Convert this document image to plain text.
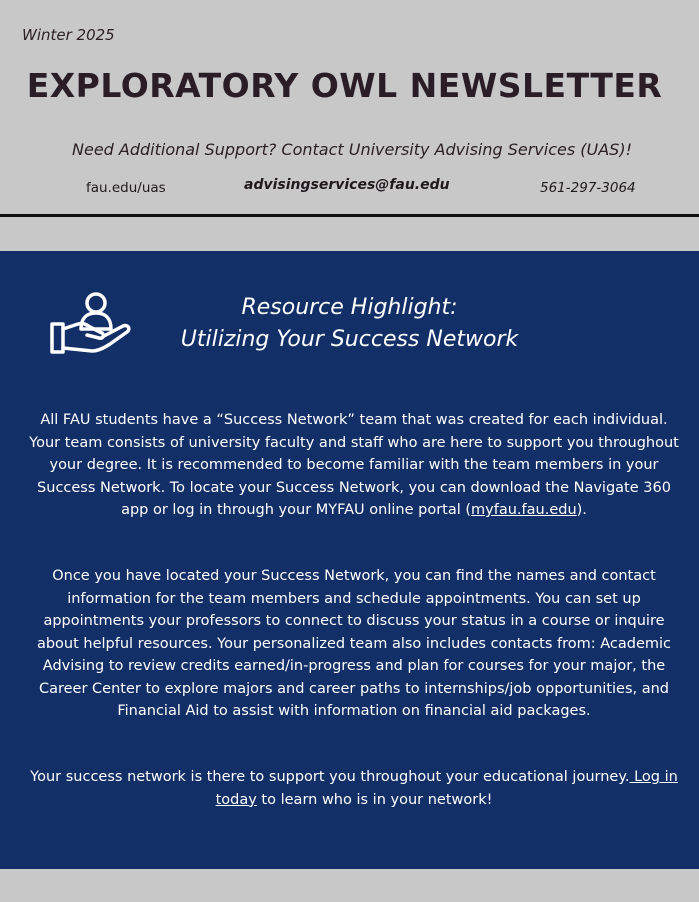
Winter 2025
EXPLORATORY OWL NEWSLETTER
Need Additional Support? Contact University Advising Services (UAS)!
fau.edu/uas	advisingservices@fau.edu	561-297-3064
Resource Highlight:
Utilizing Your Success Network

All FAU students have a “Success Network” team that was created for each individual. Your team consists of university faculty and staff who are here to support you throughout your degree. It is recommended to become familiar with the team members in your Success Network. To locate your Success Network, you can download the Navigate 360 app or log in through your MYFAU online portal (myfau.fau.edu).

Once you have located your Success Network, you can find the names and contact information for the team members and schedule appointments. You can set up appointments your professors to connect to discuss your status in a course or inquire about helpful resources. Your personalized team also includes contacts from: Academic Advising to review credits earned/in-progress and plan for courses for your major, the Career Center to explore majors and career paths to internships/job opportunities, and Financial Aid to assist with information on financial aid packages.

Your success network is there to support you throughout your educational journey. Log in today to learn who is in your network!
